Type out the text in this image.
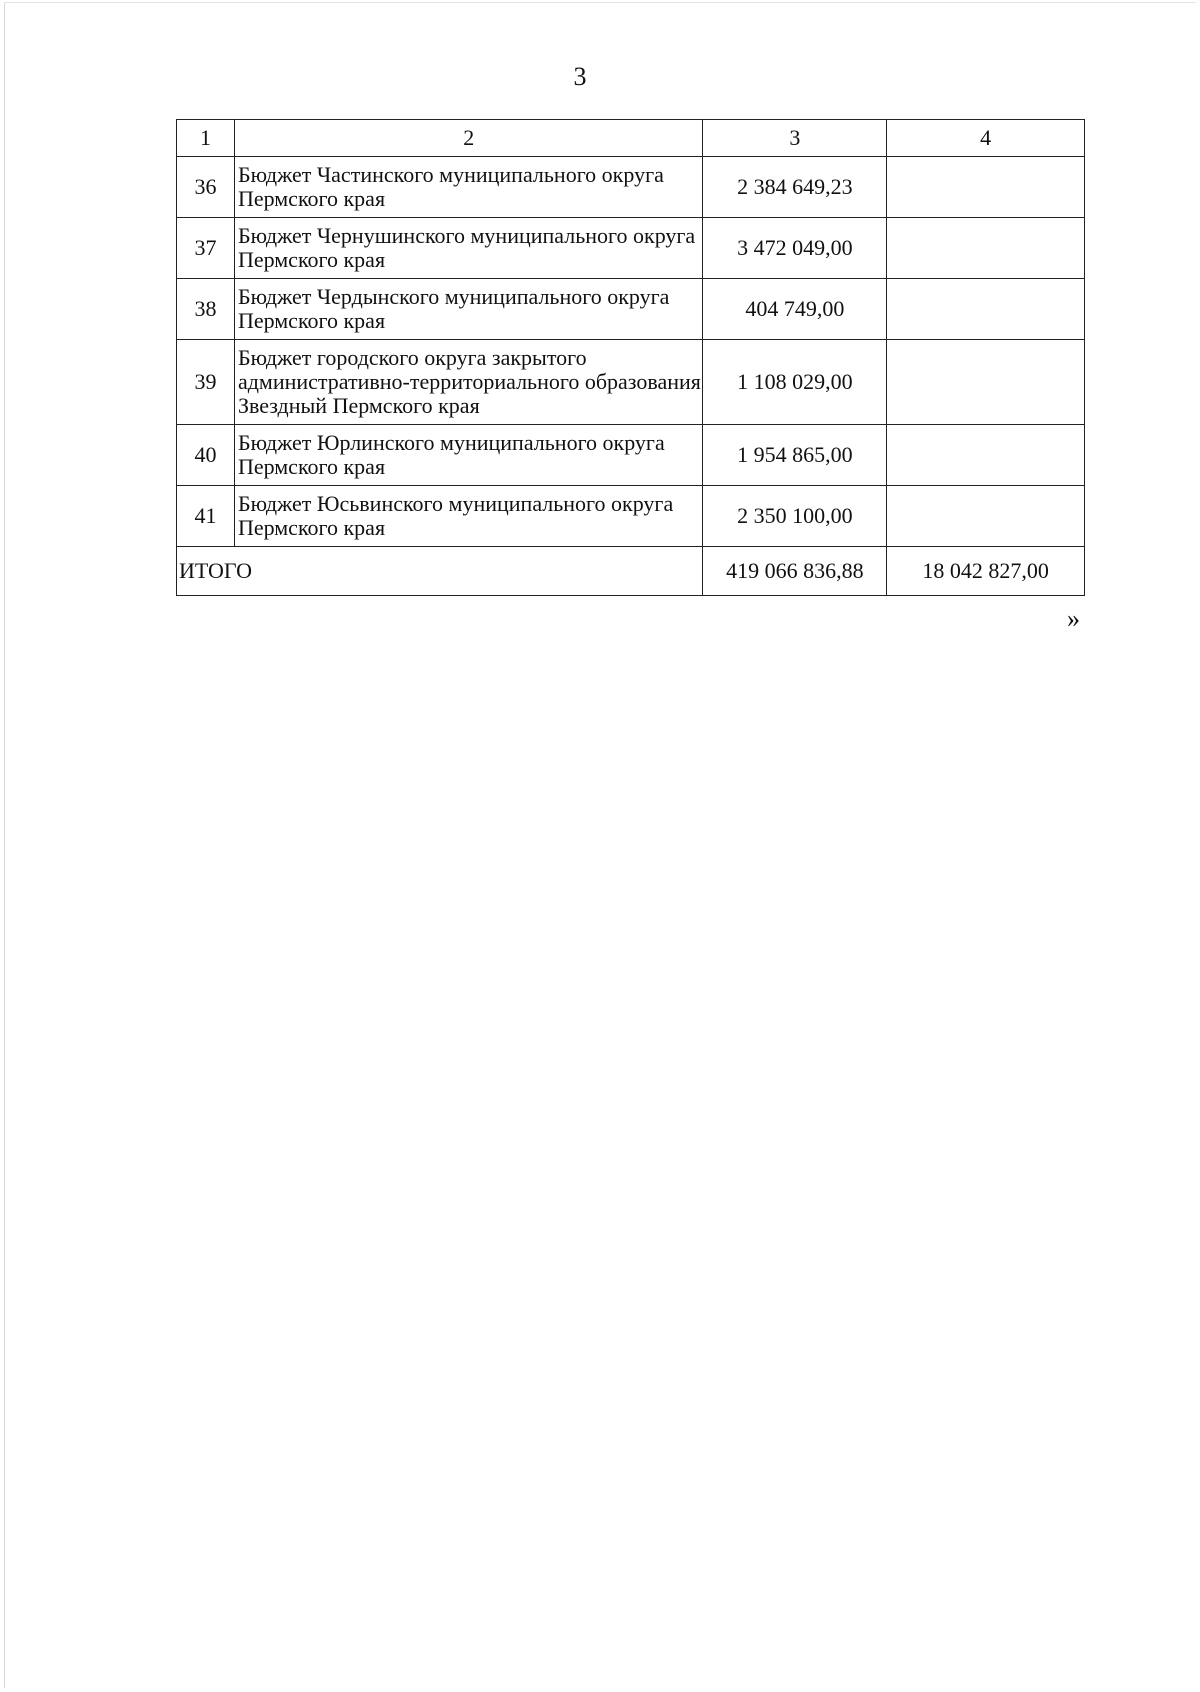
3
1	2	3	4
36	Бюджет Частинского муниципального округа Пермского края	2 384 649,23	
37	Бюджет Чернушинского муниципального округа Пермского края	3 472 049,00	
38	Бюджет Чердынского муниципального округа Пермского края	404 749,00	
39	Бюджет городского округа закрытого административно-территориального образования Звездный Пермского края	1 108 029,00	
40	Бюджет Юрлинского муниципального округа Пермского края	1 954 865,00	
41	Бюджет Юсьвинского муниципального округа Пермского края	2 350 100,00	
ИТОГО		419 066 836,88	18 042 827,00
»
